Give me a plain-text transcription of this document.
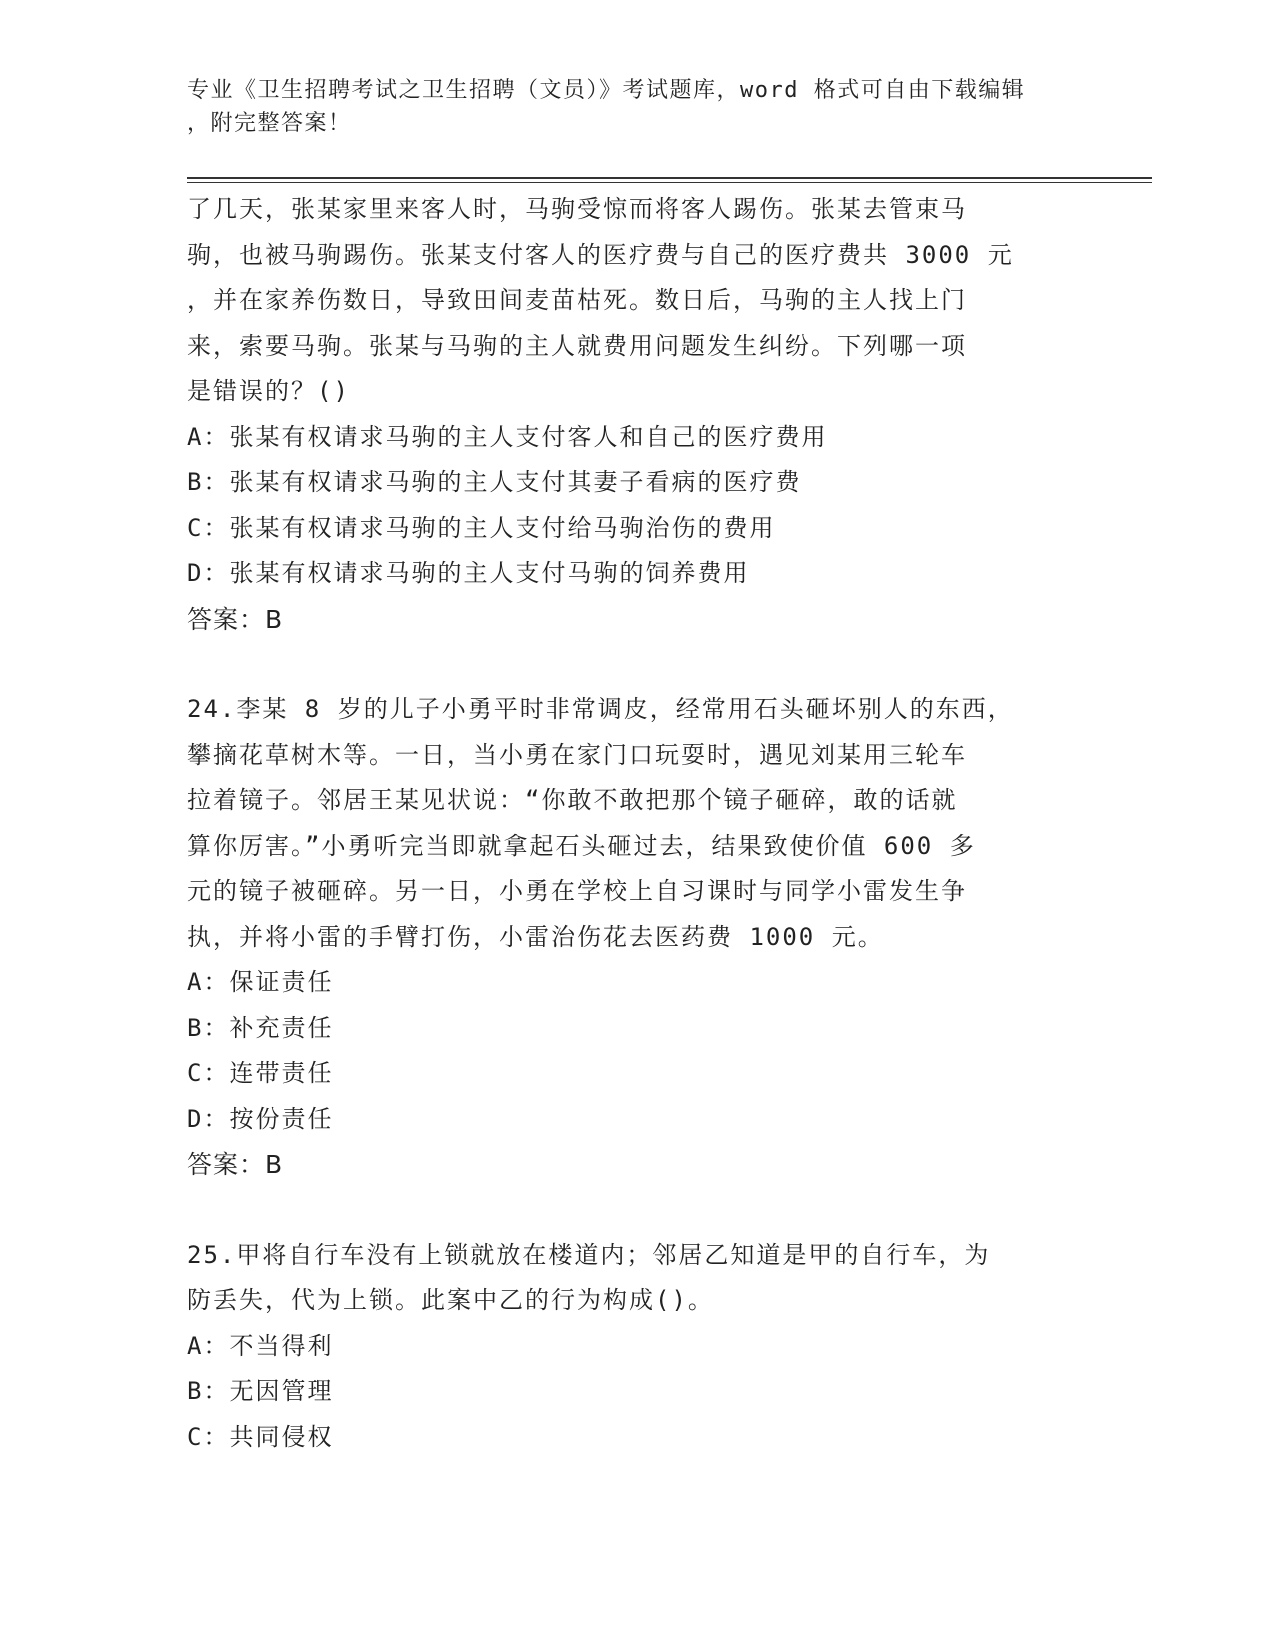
专业《卫生招聘考试之卫生招聘（文员）》考试题库，word 格式可自由下载编辑
，附完整答案！

了几天，张某家里来客人时，马驹受惊而将客人踢伤。张某去管束马

驹，也被马驹踢伤。张某支付客人的医疗费与自己的医疗费共 3000 元

，并在家养伤数日，导致田间麦苗枯死。数日后，马驹的主人找上门

来，索要马驹。张某与马驹的主人就费用问题发生纠纷。下列哪一项

是错误的？()

A：张某有权请求马驹的主人支付客人和自己的医疗费用

B：张某有权请求马驹的主人支付其妻子看病的医疗费

C：张某有权请求马驹的主人支付给马驹治伤的费用

D：张某有权请求马驹的主人支付马驹的饲养费用

答案：B

24.李某 8 岁的儿子小勇平时非常调皮，经常用石头砸坏别人的东西，

攀摘花草树木等。一日，当小勇在家门口玩耍时，遇见刘某用三轮车

拉着镜子。邻居王某见状说：“你敢不敢把那个镜子砸碎，敢的话就

算你厉害。”小勇听完当即就拿起石头砸过去，结果致使价值 600 多

元的镜子被砸碎。另一日，小勇在学校上自习课时与同学小雷发生争

执，并将小雷的手臂打伤，小雷治伤花去医药费 1000 元。

A：保证责任

B：补充责任

C：连带责任

D：按份责任

答案：B

25.甲将自行车没有上锁就放在楼道内；邻居乙知道是甲的自行车，为

防丢失，代为上锁。此案中乙的行为构成()。

A：不当得利

B：无因管理

C：共同侵权
